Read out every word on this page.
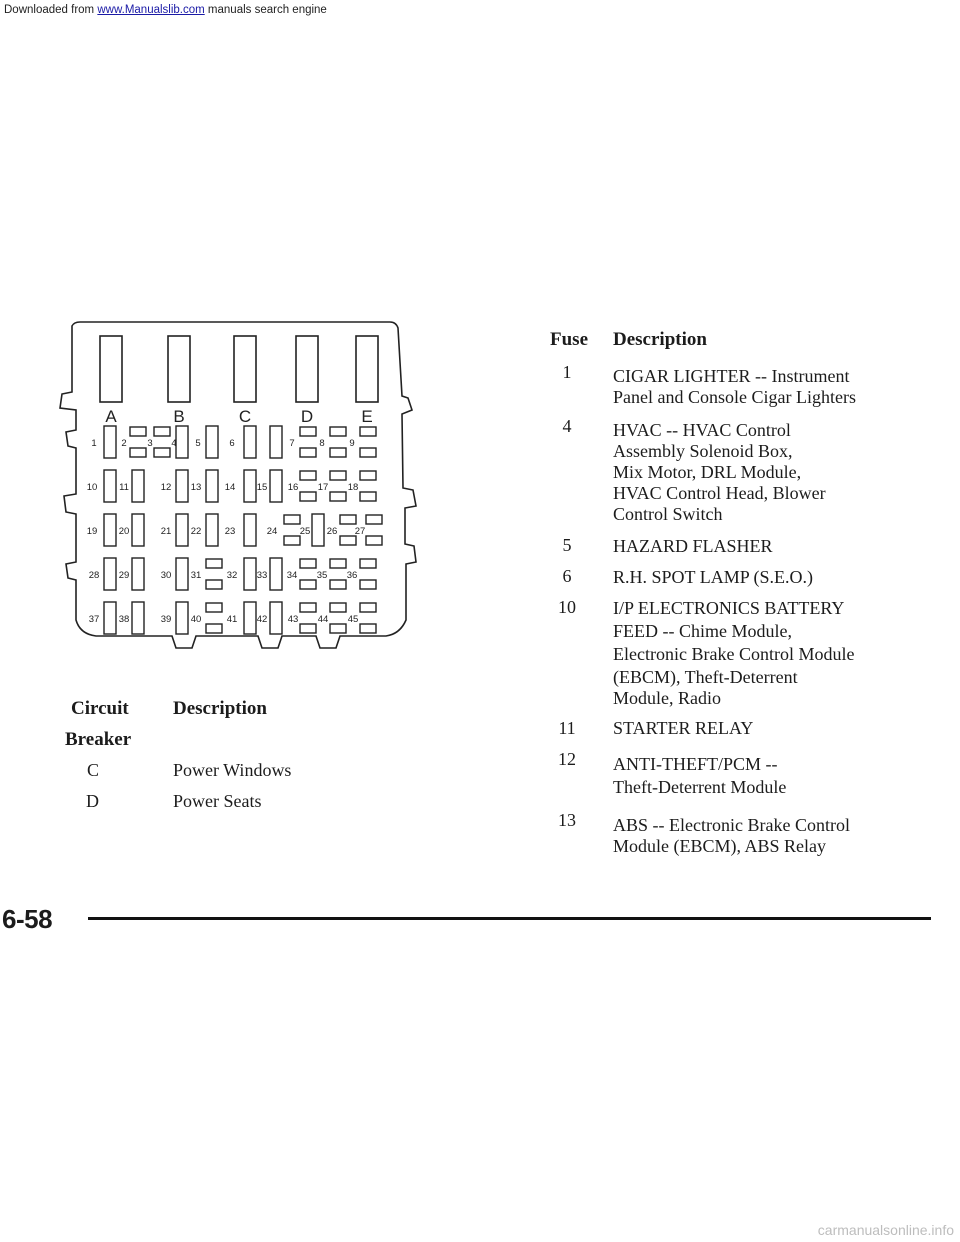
Downloaded from www.Manualslib.com manuals search engine
A	B	C	D	E
1	2 3 4 5	6	7	8	9
10 11	12 13 14 15 16 17 18
19 20	21 22 23	24 25 26 27
28 29	30 31	32 33 34 35 36
37 38	39 40	41 42 43 44 45
Circuit
Breaker
Description
C	Power Windows
D	Power Seats
Fuse Description
1	CIGAR LIGHTER -- Instrument
Panel and Console Cigar Lighters
4	HVAC -- HVAC Control
Assembly Solenoid Box,
Mix Motor, DRL Module,
HVAC Control Head, Blower
Control Switch
5	HAZARD FLASHER
6	R.H. SPOT LAMP (S.E.O.)
10	I/P ELECTRONICS BATTERY
FEED -- Chime Module,
Electronic Brake Control Module
(EBCM), Theft-Deterrent
Module, Radio
11	STARTER RELAY
12	ANTI-THEFT/PCM --
Theft-Deterrent Module
13	ABS -- Electronic Brake Control
Module (EBCM), ABS Relay
6-58
carmanualsonline.info
